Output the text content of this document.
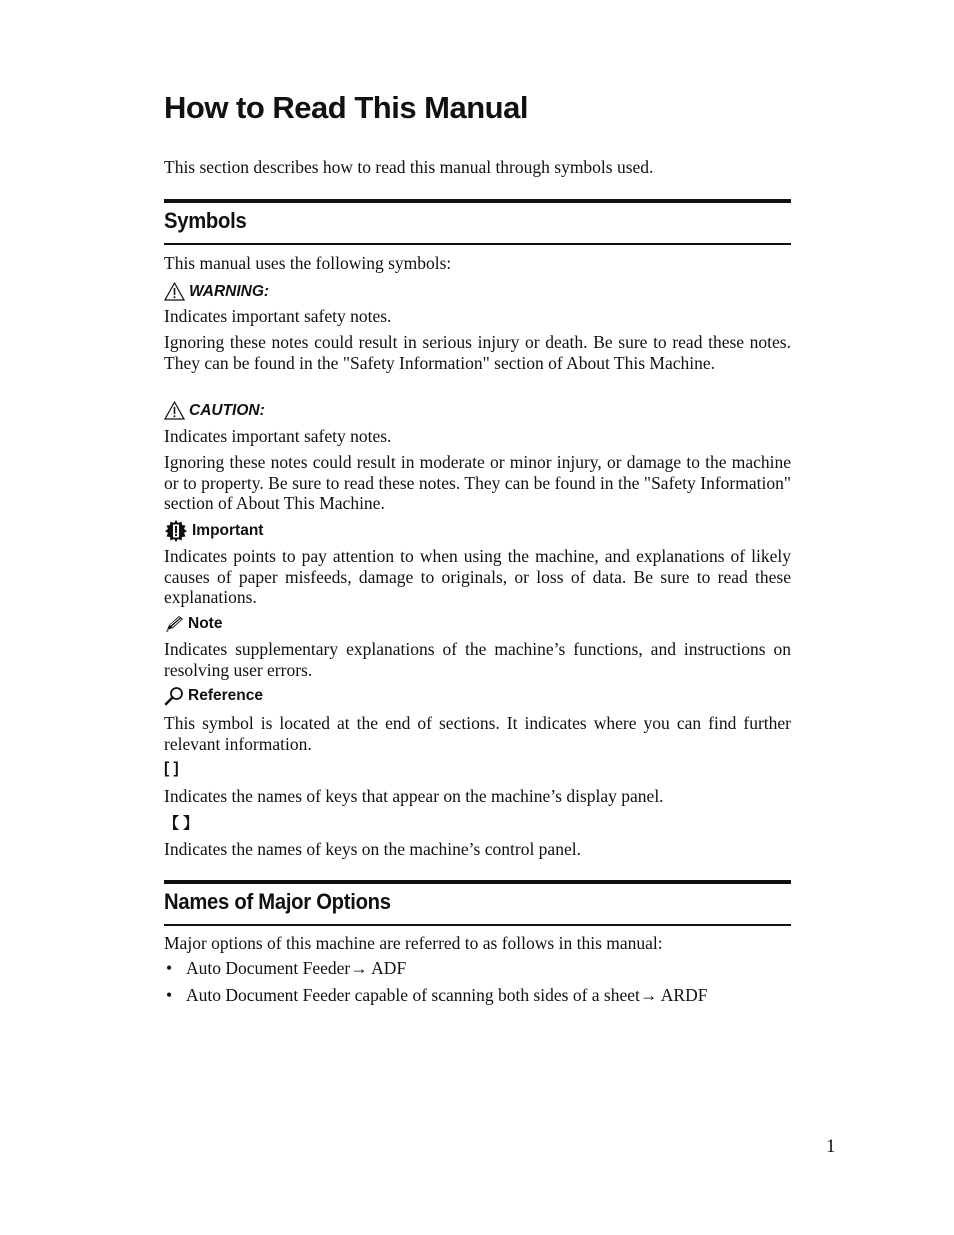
How to Read This Manual

This section describes how to read this manual through symbols used.

Symbols

This manual uses the following symbols:

WARNING:

Indicates important safety notes.

Ignoring these notes could result in serious injury or death. Be sure to read these notes. They can be found in the "Safety Information" section of About This Machine.

CAUTION:

Indicates important safety notes.

Ignoring these notes could result in moderate or minor injury, or damage to the machine or to property. Be sure to read these notes. They can be found in the "Safety Information" section of About This Machine.

Important

Indicates points to pay attention to when using the machine, and explanations of likely causes of paper misfeeds, damage to originals, or loss of data. Be sure to read these explanations.

Note

Indicates supplementary explanations of the machine’s functions, and instructions on resolving user errors.

Reference

This symbol is located at the end of sections. It indicates where you can find further relevant information.

[ ]

Indicates the names of keys that appear on the machine’s display panel.

【 】

Indicates the names of keys on the machine’s control panel.

Names of Major Options

Major options of this machine are referred to as follows in this manual:

• Auto Document Feeder→ ADF
• Auto Document Feeder capable of scanning both sides of a sheet→ ARDF
1
